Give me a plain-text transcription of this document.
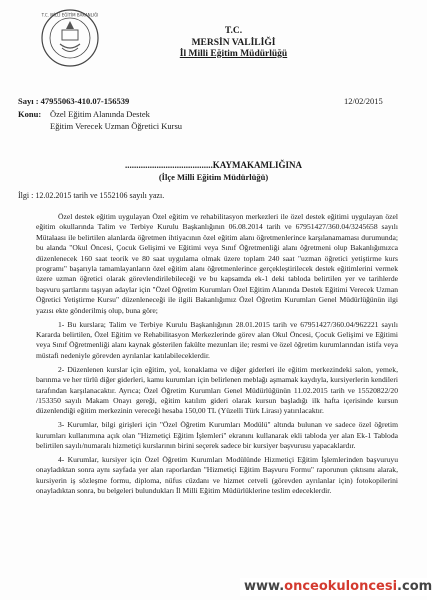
T.C. MİLLİ EĞİTİM BAKANLIĞI
T.C.
MERSİN VALİLİĞİ
İl Milli Eğitim Müdürlüğü
Sayı : 47955063-410.07-156539	12/02/2015
Konu: Özel Eğitim Alanında Destek
Eğitim Verecek Uzman Öğretici Kursu
.......................................KAYMAKAMLIĞINA
(İlçe Milli Eğitim Müdürlüğü)
İlgi : 12.02.2015 tarih ve 1552106 sayılı yazı.

Özel destek eğitim uygulayan Özel eğitim ve rehabilitasyon merkezleri ile özel destek eğitimi uygulayan özel eğitim okullarında Talim ve Terbiye Kurulu Başkanlığının 06.08.2014 tarih ve 67951427/360.04/3245658 sayılı Mütalaası ile belirtilen alanlarda öğretmen ihtiyacının özel eğitim alanı öğretmenlerince karşılanamaması durumunda; bu alanda "Okul Öncesi, Çocuk Gelişimi ve Eğitimi veya Sınıf Öğretmenliği alanı öğretmeni olup Bakanlığımızca düzenlenecek 160 saat teorik ve 80 saat uygulama olmak üzere toplam 240 saat "uzman öğretici yetiştirme kurs programı" başarıyla tamamlayanların özel eğitim alanı öğretmenlerince gerçekleştirilecek destek eğitimlerini vermek üzere uzman öğretici olarak görevlendirilebileceği ve bu kapsamda ek-1 deki tabloda belirtilen yer ve tarihlerde başvuru şartlarını taşıyan adaylar için "Özel Öğretim Kurumları Özel Eğitim Alanında Destek Eğitimi Verecek Uzman Öğretici Yetiştirme Kursu" düzenleneceği ile ilgili Bakanlığımız Özel Öğretim Kurumları Genel Müdürlüğünün ilgi yazısı ekte gönderilmiş olup, buna göre;

1- Bu kurslara; Talim ve Terbiye Kurulu Başkanlığının 28.01.2015 tarih ve 67951427/360.04/962221 sayılı Kararda belirtilen, Özel Eğitim ve Rehabilitasyon Merkezlerinde görev alan Okul Öncesi, Çocuk Gelişimi ve Eğitimi veya Sınıf Öğretmenliği alanı kaynak gösterilen fakülte mezunları ile; resmi ve özel öğretim kurumlarından istifa veya müstafi nedeniyle görevden ayrılanlar katılabileceklerdir.

2- Düzenlenen kurslar için eğitim, yol, konaklama ve diğer giderleri ile eğitim merkezindeki salon, yemek, barınma ve her türlü diğer giderleri, kamu kurumları için belirlenen meblağı aşmamak kaydıyla, kursiyerlerin kendileri tarafından karşılanacaktır. Ayrıca; Özel Öğretim Kurumları Genel Müdürlüğünün 11.02.2015 tarih ve 15520822/20 /153350 sayılı Makam Onayı gereği, eğitim katılım gideri olarak kursun başladığı ilk hafta içerisinde kursun düzenlendiği eğitim merkezinin vereceği hesaba 150,00 TL (Yüzelli Türk Lirası) yatırılacaktır.

3- Kurumlar, bilgi girişleri için "Özel Öğretim Kurumları Modülü" altında bulunan ve sadece özel öğretim kurumları kullanımına açık olan "Hizmetiçi Eğitim İşlemleri" ekranını kullanarak ekli tabloda yer alan Ek-1 Tabloda belirtilen sayılı/numaralı hizmetiçi kurslarının birini seçerek sadece bir kursiyer başvurusu yapacaklardır.

4- Kurumlar, kursiyer için Özel Öğretim Kurumları Modülünde Hizmetiçi Eğitim İşlemlerinden başvuruyu onayladıktan sonra aynı sayfada yer alan raporlardan "Hizmetiçi Eğitim Başvuru Formu" raporunun çıktısını alarak, kursiyerin iş sözleşme formu, diploma, nüfus cüzdanı ve hizmet cetveli (görevden ayrılanlar için) fotokopilerini onayladıktan sonra, bu belgeleri bulundukları İl Milli Eğitim Müdürlüklerine teslim edeceklerdir.

www.onceokuloncesi.com
